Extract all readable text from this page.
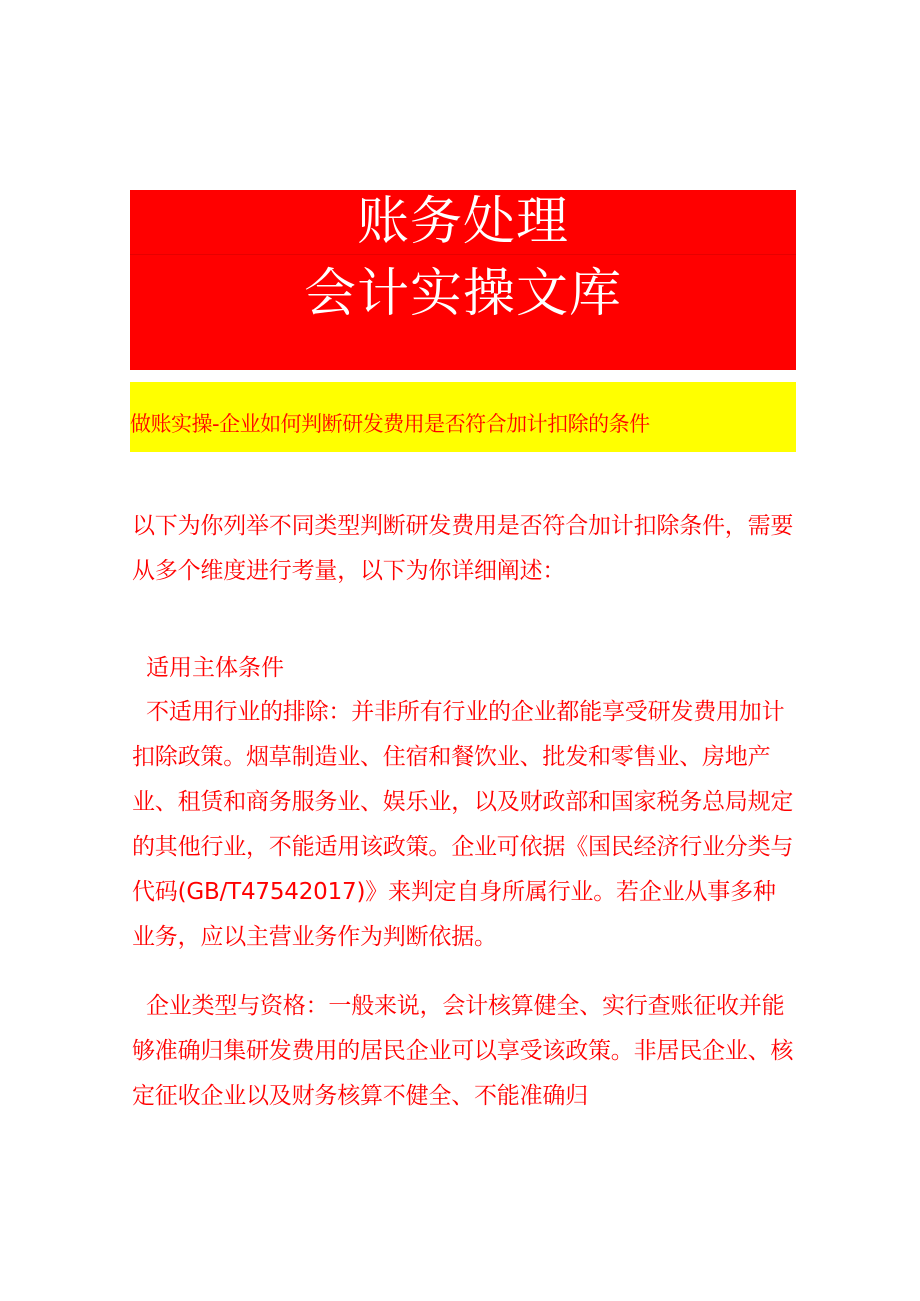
账务处理
会计实操文库
做账实操-企业如何判断研发费用是否符合加计扣除的条件
以下为你列举不同类型判断研发费用是否符合加计扣除条件，需要从多个维度进行考量，以下为你详细阐述：
适用主体条件
不适用行业的排除：并非所有行业的企业都能享受研发费用加计扣除政策。烟草制造业、住宿和餐饮业、批发和零售业、房地产业、租赁和商务服务业、娱乐业，以及财政部和国家税务总局规定的其他行业，不能适用该政策。企业可依据《国民经济行业分类与代码(GB/T47542017)》来判定自身所属行业。若企业从事多种业务，应以主营业务作为判断依据。
企业类型与资格：一般来说，会计核算健全、实行查账征收并能够准确归集研发费用的居民企业可以享受该政策。非居民企业、核定征收企业以及财务核算不健全、不能准确归
